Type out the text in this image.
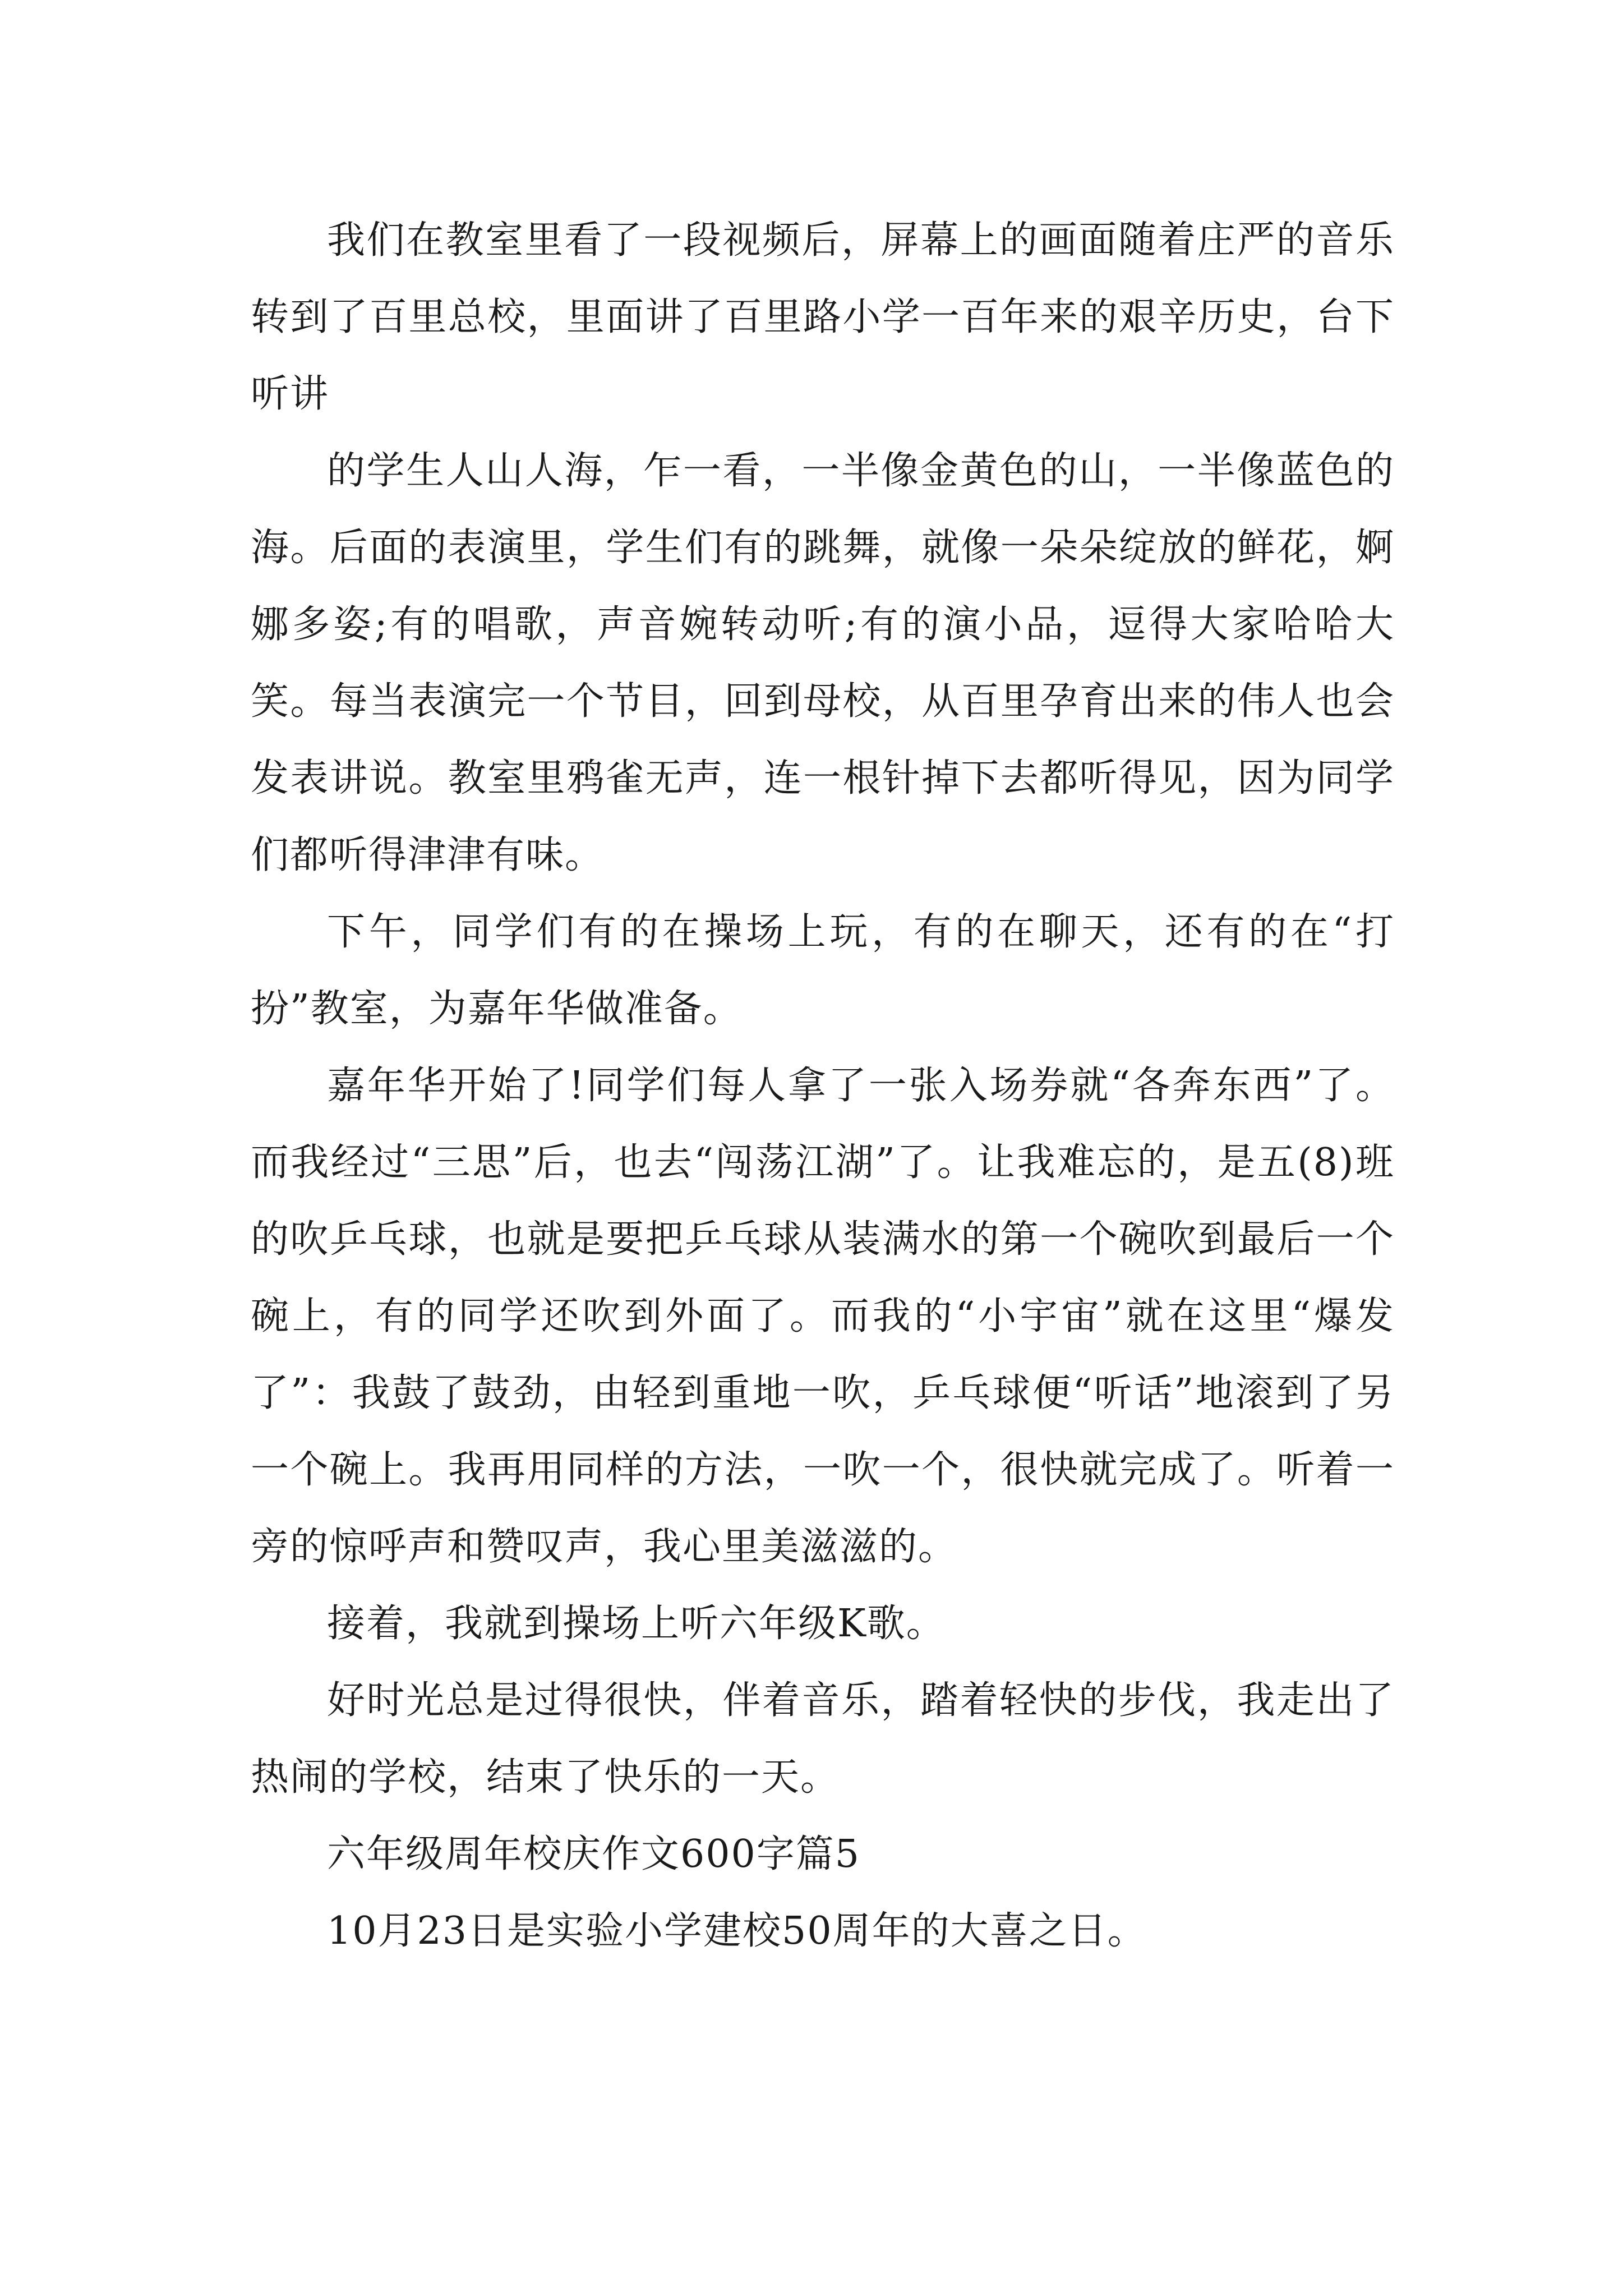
我们在教室里看了一段视频后，屏幕上的画面随着庄严的音乐转到了百里总校，里面讲了百里路小学一百年来的艰辛历史，台下听讲

的学生人山人海，乍一看，一半像金黄色的山，一半像蓝色的海。后面的表演里，学生们有的跳舞，就像一朵朵绽放的鲜花，婀娜多姿;有的唱歌，声音婉转动听;有的演小品，逗得大家哈哈大笑。每当表演完一个节目，回到母校，从百里孕育出来的伟人也会发表讲说。教室里鸦雀无声，连一根针掉下去都听得见，因为同学们都听得津津有味。

下午，同学们有的在操场上玩，有的在聊天，还有的在“打扮”教室，为嘉年华做准备。

嘉年华开始了!同学们每人拿了一张入场券就“各奔东西”了。而我经过“三思”后，也去“闯荡江湖”了。让我难忘的，是五(8)班的吹乒乓球，也就是要把乒乓球从装满水的第一个碗吹到最后一个碗上，有的同学还吹到外面了。而我的“小宇宙”就在这里“爆发了”：我鼓了鼓劲，由轻到重地一吹，乒乓球便“听话”地滚到了另一个碗上。我再用同样的方法，一吹一个，很快就完成了。听着一旁的惊呼声和赞叹声，我心里美滋滋的。

接着，我就到操场上听六年级K歌。

好时光总是过得很快，伴着音乐，踏着轻快的步伐，我走出了热闹的学校，结束了快乐的一天。

六年级周年校庆作文600字篇5

10月23日是实验小学建校50周年的大喜之日。
